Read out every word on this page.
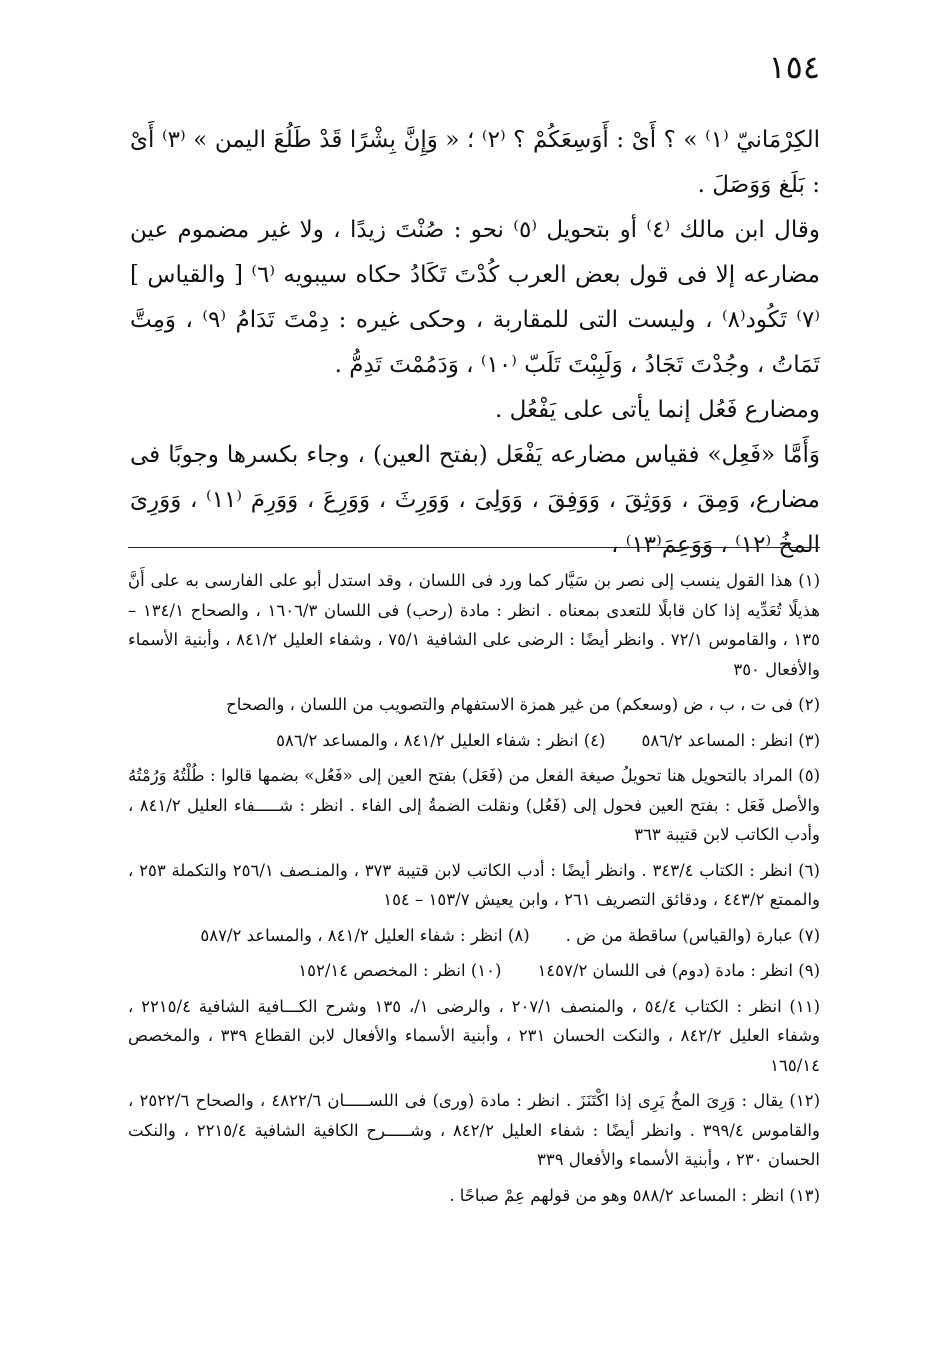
١٥٤

الكِرْمَانيّ ⁽١⁾ » ؟ أَىْ : أَوَسِعَكُمْ ؟ ⁽٢⁾ ؛ « وَإِنَّ بِشْرًا قَدْ طَلُعَ اليمن » ⁽٣⁾ أَىْ : بَلَغ وَوَصَلَ .

وقال ابن مالك ⁽٤⁾ أو بتحويل ⁽٥⁾ نحو : صُنْتَ زيدًا ، ولا غير مضموم عين مضارعه إلا فى قول بعض العرب كُدْتَ تَكَادُ حكاه سيبويه ⁽٦⁾ [ والقياس ] ⁽٧⁾ تَكُود⁽٨⁾ ، وليست التى للمقاربة ، وحكى غيره : دِمْتَ تَدَامُ ⁽٩⁾ ، وَمِتَّ تَمَاتُ ، وجُدْتَ تَجَادُ ، وَلَبِبْتَ تَلَبّ ⁽١٠⁾ ، وَدَمُمْتَ تَدِمُّ .

ومضارع فَعُل إنما يأتى على يَفْعُل .

وَأَمَّا «فَعِل» فقياس مضارعه يَفْعَل (بفتح العين) ، وجاء بكسرها وجوبًا فى مضارع، وَمِقَ ، وَوَثِقَ ، وَوَفِقَ ، وَوَلِىَ ، وَوَرِثَ ، وَوَرِعَ ، وَوَرِمَ ⁽١١⁾ ، وَوَرِىَ المخُ ⁽١٢⁾ ، وَوَعِمَ⁽١٣⁾ ،

(١) هذا القول ينسب إلى نصر بن سَيَّار كما ورد فى اللسان ، وقد استدل أبو على الفارسى به على أَنَّ هذيلًا تُعَدِّيه إذا كان قابلًا للتعدى بمعناه . انظر : مادة (رحب) فى اللسان ١٦٠٦/٣ ، والصحاح ١٣٤/١ – ١٣٥ ، والقاموس ٧٢/١ . وانظر أيضًا : الرضى على الشافية ٧٥/١ ، وشفاء العليل ٨٤١/٢ ، وأبنية الأسماء والأفعال ٣٥٠

(٢) فى ت ، ب ، ض (وسعكم) من غير همزة الاستفهام والتصويب من اللسان ، والصحاح

(٣) انظر : المساعد ٥٨٦/٢
(٤) انظر : شفاء العليل ٨٤١/٢ ، والمساعد ٥٨٦/٢

(٥) المراد بالتحويل هنا تحويلُ صيغة الفعل من (فَعَل) بفتح العين إلى «فَعُل» بضمها قالوا : طُلْتُهُ وَرُمْتُهُ والأصل فَعَل : بفتح العين فحول إلى (فَعُل) ونقلت الضمةُ إلى الفاء . انظر : شـــــفاء العليل ٨٤١/٢ ، وأدب الكاتب لابن قتيبة ٣٦٣

(٦) انظر : الكتاب ٣٤٣/٤ . وانظر أيضًا : أدب الكاتب لابن قتيبة ٣٧٣ ، والمنـصف ٢٥٦/١ والتكملة ٢٥٣ ، والممتع ٤٤٣/٢ ، ودقائق التصريف ٢٦١ ، وابن يعيش ١٥٣/٧ – ١٥٤

(٧) عبارة (والقياس) ساقطة من ض .
(٨) انظر : شفاء العليل ٨٤١/٢ ، والمساعد ٥٨٧/٢
(٩) انظر : مادة (دوم) فى اللسان ١٤٥٧/٢
(١٠) انظر : المخصص ١٥٢/١٤

(١١) انظر : الكتاب ٥٤/٤ ، والمنصف ٢٠٧/١ ، والرضى ١/، ١٣٥ وشرح الكـــافية الشافية ٢٢١٥/٤ ، وشفاء العليل ٨٤٢/٢ ، والنكت الحسان ٢٣١ ، وأبنية الأسماء والأفعال لابن القطاع ٣٣٩ ، والمخصص ١٦٥/١٤

(١٢) يقال : وَرِىَ المخُ يَرِى إذا اكْتَنَزَ . انظر : مادة (ورى) فى اللســـــان ٤٨٢٢/٦ ، والصحاح ٢٥٢٢/٦ ، والقاموس ٣٩٩/٤ . وانظر أيضًا : شفاء العليل ٨٤٢/٢ ، وشـــــرح الكافية الشافية ٢٢١٥/٤ ، والنكت الحسان ٢٣٠ ، وأبنية الأسماء والأفعال ٣٣٩

(١٣) انظر : المساعد ٥٨٨/٢ وهو من قولهم عِمْ صباحًا .
